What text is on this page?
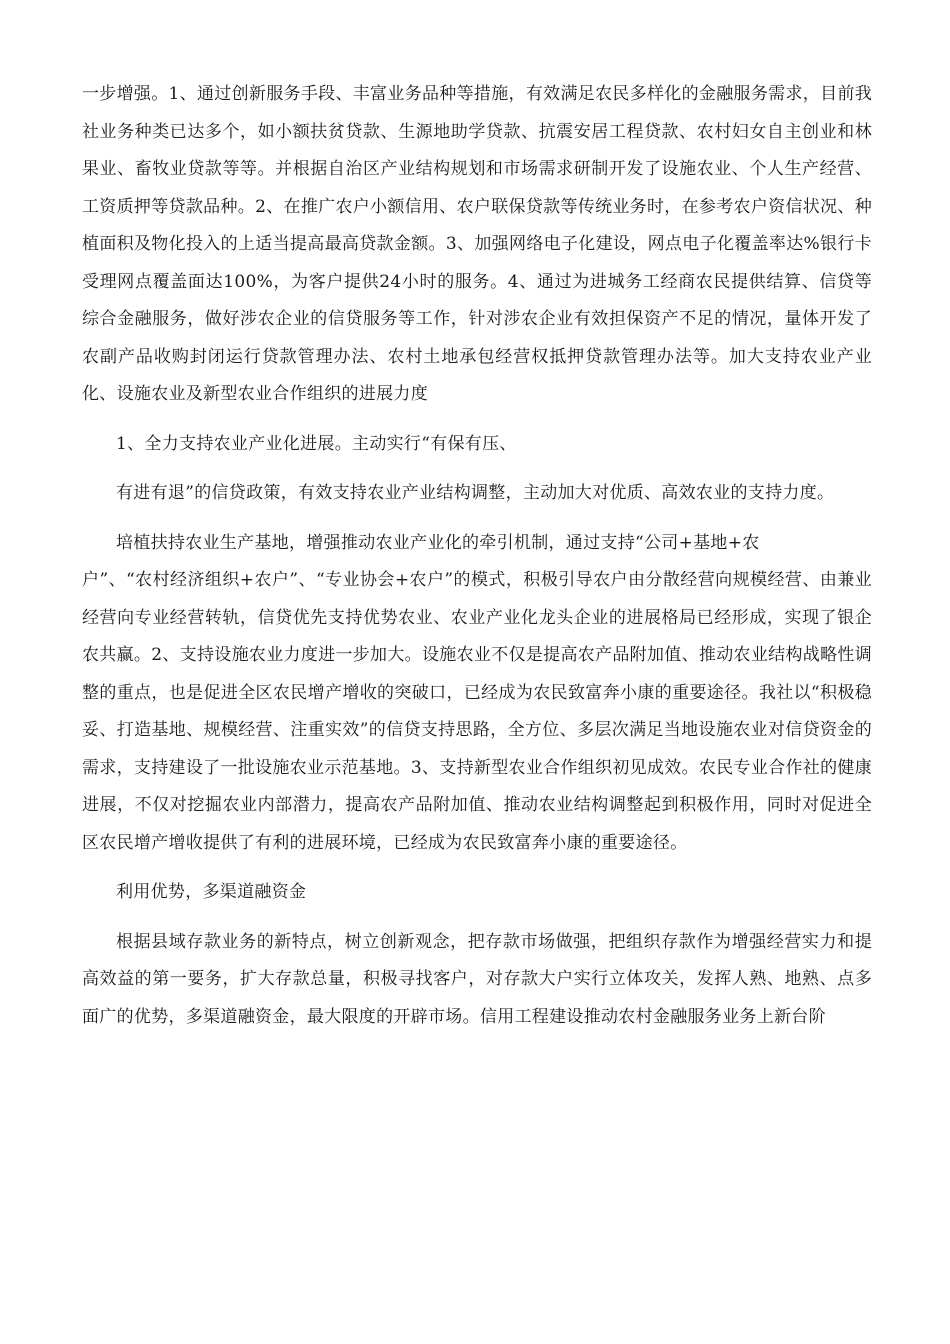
一步增强。1、通过创新服务手段、丰富业务品种等措施，有效满足农民多样化的金融服务需求，目前我社业务种类已达多个，如小额扶贫贷款、生源地助学贷款、抗震安居工程贷款、农村妇女自主创业和林果业、畜牧业贷款等等。并根据自治区产业结构规划和市场需求研制开发了设施农业、个人生产经营、工资质押等贷款品种。2、在推广农户小额信用、农户联保贷款等传统业务时，在参考农户资信状况、种植面积及物化投入的上适当提高最高贷款金额。3、加强网络电子化建设，网点电子化覆盖率达%银行卡受理网点覆盖面达100%，为客户提供24小时的服务。4、通过为进城务工经商农民提供结算、信贷等综合金融服务，做好涉农企业的信贷服务等工作，针对涉农企业有效担保资产不足的情况，量体开发了农副产品收购封闭运行贷款管理办法、农村土地承包经营权抵押贷款管理办法等。加大支持农业产业化、设施农业及新型农业合作组织的进展力度

1、全力支持农业产业化进展。主动实行“有保有压、

有进有退”的信贷政策，有效支持农业产业结构调整，主动加大对优质、高效农业的支持力度。

培植扶持农业生产基地，增强推动农业产业化的牵引机制，通过支持“公司+基地+农

户”、“农村经济组织+农户”、“专业协会+农户”的模式，积极引导农户由分散经营向规模经营、由兼业经营向专业经营转轨，信贷优先支持优势农业、农业产业化龙头企业的进展格局已经形成，实现了银企农共赢。2、支持设施农业力度进一步加大。设施农业不仅是提高农产品附加值、推动农业结构战略性调整的重点，也是促进全区农民增产增收的突破口，已经成为农民致富奔小康的重要途径。我社以“积极稳妥、打造基地、规模经营、注重实效”的信贷支持思路，全方位、多层次满足当地设施农业对信贷资金的需求，支持建设了一批设施农业示范基地。3、支持新型农业合作组织初见成效。农民专业合作社的健康进展，不仅对挖掘农业内部潜力，提高农产品附加值、推动农业结构调整起到积极作用，同时对促进全区农民增产增收提供了有利的进展环境，已经成为农民致富奔小康的重要途径。

利用优势，多渠道融资金

根据县域存款业务的新特点，树立创新观念，把存款市场做强，把组织存款作为增强经营实力和提高效益的第一要务，扩大存款总量，积极寻找客户，对存款大户实行立体攻关，发挥人熟、地熟、点多面广的优势，多渠道融资金，最大限度的开辟市场。信用工程建设推动农村金融服务业务上新台阶
